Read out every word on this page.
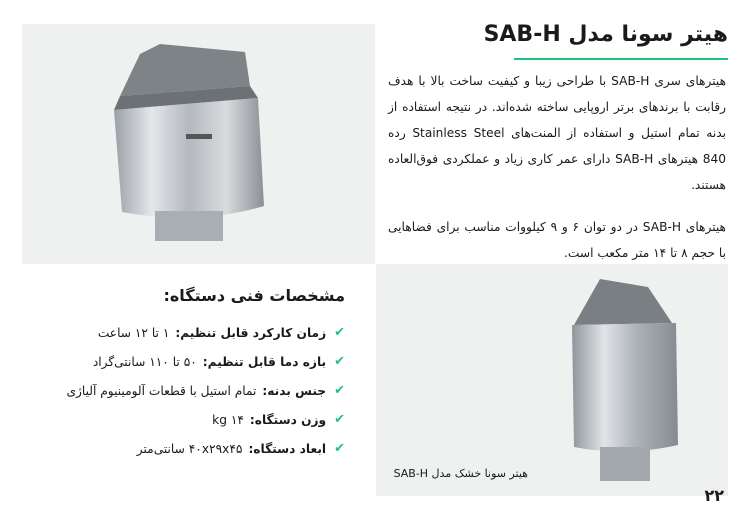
هیتر سونا مدل SAB-H

هیترهای سری SAB-H با طراحی زیبا و کیفیت ساخت بالا با هدف رقابت با برندهای برتر اروپایی ساخته شده‌اند. در نتیجه استفاده از بدنه تمام استیل و استفاده از المنت‌های Stainless Steel رده 840 هیترهای SAB-H دارای عمر کاری زیاد و عملکردی فوق‌العاده هستند.

هیترهای SAB-H در دو توان ۶ و ۹ کیلووات مناسب برای فضاهایی با حجم ۸ تا ۱۴ متر مکعب است.

مشخصات فنی دستگاه:
✔
زمان کارکرد قابل تنظیم:
۱ تا ۱۲ ساعت
✔
بازه دما قابل تنظیم:
۵۰ تا ۱۱۰ سانتی‌گراد
✔
جنس بدنه:
تمام استیل با قطعات آلومینیوم آلیاژی
✔
وزن دستگاه:
۱۴ kg
✔
ابعاد دستگاه:
۴۰x۲۹x۴۵ سانتی‌متر
هیتر سونا خشک مدل SAB-H
۲۲
